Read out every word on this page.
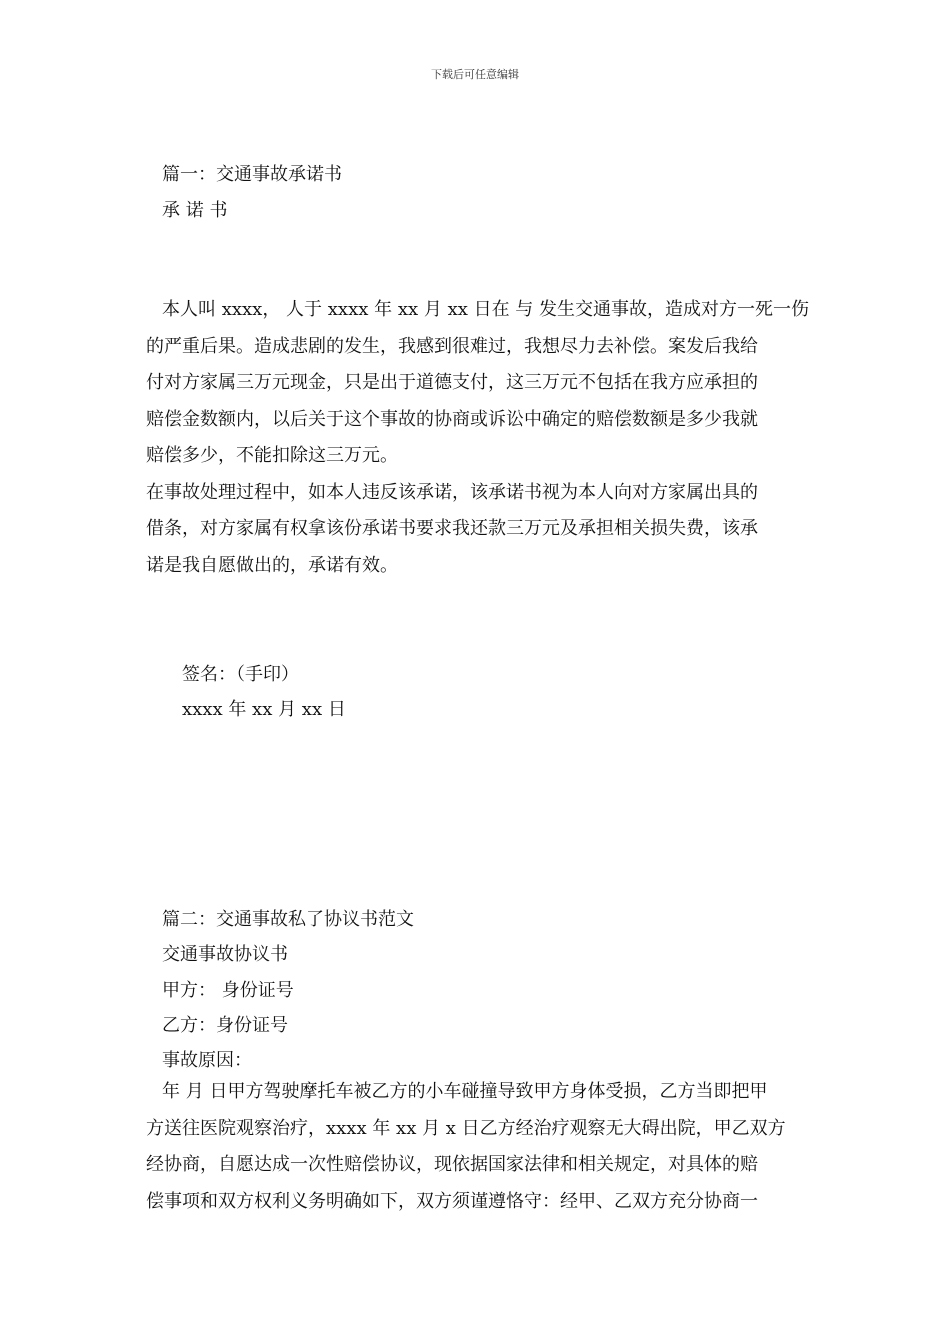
下载后可任意编辑
篇一：交通事故承诺书
承 诺 书
本人叫 xxxx， 人于 xxxx 年 xx 月 xx 日在 与 发生交通事故，造成对方一死一伤
的严重后果。造成悲剧的发生，我感到很难过，我想尽力去补偿。案发后我给
付对方家属三万元现金，只是出于道德支付，这三万元不包括在我方应承担的
赔偿金数额内，以后关于这个事故的协商或诉讼中确定的赔偿数额是多少我就
赔偿多少，不能扣除这三万元。
在事故处理过程中，如本人违反该承诺，该承诺书视为本人向对方家属出具的
借条，对方家属有权拿该份承诺书要求我还款三万元及承担相关损失费，该承
诺是我自愿做出的，承诺有效。
签名：（手印）
xxxx 年 xx 月 xx 日
篇二：交通事故私了协议书范文
交通事故协议书
甲方： 身份证号
乙方：身份证号
事故原因：
年 月 日甲方驾驶摩托车被乙方的小车碰撞导致甲方身体受损，乙方当即把甲
方送往医院观察治疗，xxxx 年 xx 月 x 日乙方经治疗观察无大碍出院，甲乙双方
经协商，自愿达成一次性赔偿协议，现依据国家法律和相关规定，对具体的赔
偿事项和双方权利义务明确如下，双方须谨遵恪守：经甲、乙双方充分协商一
